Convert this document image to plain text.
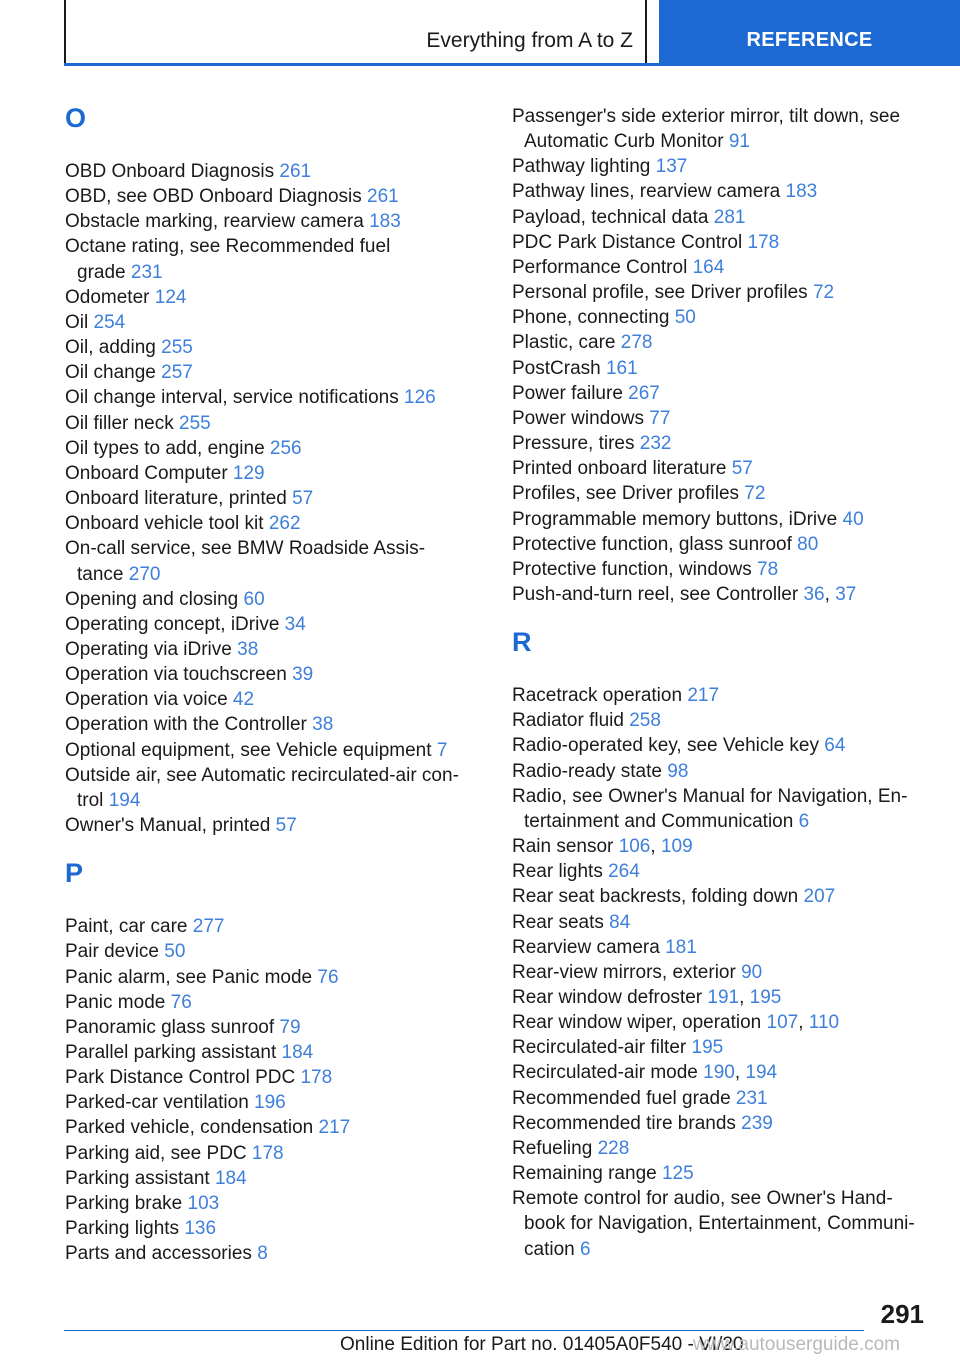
Everything from A to Z	REFERENCE
O
OBD Onboard Diagnosis 261
OBD, see OBD Onboard Diagnosis 261
Obstacle marking, rearview camera 183
Octane rating, see Recommended fuel
grade 231
Odometer 124
Oil 254
Oil, adding 255
Oil change 257
Oil change interval, service notifications 126
Oil filler neck 255
Oil types to add, engine 256
Onboard Computer 129
Onboard literature, printed 57
Onboard vehicle tool kit 262
On-call service, see BMW Roadside Assis-
tance 270
Opening and closing 60
Operating concept, iDrive 34
Operating via iDrive 38
Operation via touchscreen 39
Operation via voice 42
Operation with the Controller 38
Optional equipment, see Vehicle equipment 7
Outside air, see Automatic recirculated-air con-
trol 194
Owner's Manual, printed 57
P
Paint, car care 277
Pair device 50
Panic alarm, see Panic mode 76
Panic mode 76
Panoramic glass sunroof 79
Parallel parking assistant 184
Park Distance Control PDC 178
Parked-car ventilation 196
Parked vehicle, condensation 217
Parking aid, see PDC 178
Parking assistant 184
Parking brake 103
Parking lights 136
Parts and accessories 8
Passenger's side exterior mirror, tilt down, see
Automatic Curb Monitor 91
Pathway lighting 137
Pathway lines, rearview camera 183
Payload, technical data 281
PDC Park Distance Control 178
Performance Control 164
Personal profile, see Driver profiles 72
Phone, connecting 50
Plastic, care 278
PostCrash 161
Power failure 267
Power windows 77
Pressure, tires 232
Printed onboard literature 57
Profiles, see Driver profiles 72
Programmable memory buttons, iDrive 40
Protective function, glass sunroof 80
Protective function, windows 78
Push-and-turn reel, see Controller 36, 37
R
Racetrack operation 217
Radiator fluid 258
Radio-operated key, see Vehicle key 64
Radio-ready state 98
Radio, see Owner's Manual for Navigation, En-
tertainment and Communication 6
Rain sensor 106, 109
Rear lights 264
Rear seat backrests, folding down 207
Rear seats 84
Rearview camera 181
Rear-view mirrors, exterior 90
Rear window defroster 191, 195
Rear window wiper, operation 107, 110
Recirculated-air filter 195
Recirculated-air mode 190, 194
Recommended fuel grade 231
Recommended tire brands 239
Refueling 228
Remaining range 125
Remote control for audio, see Owner's Hand-
book for Navigation, Entertainment, Communi-
cation 6
291
Online Edition for Part no. 01405A0F540 - VI/20
www.autouserguide.com
